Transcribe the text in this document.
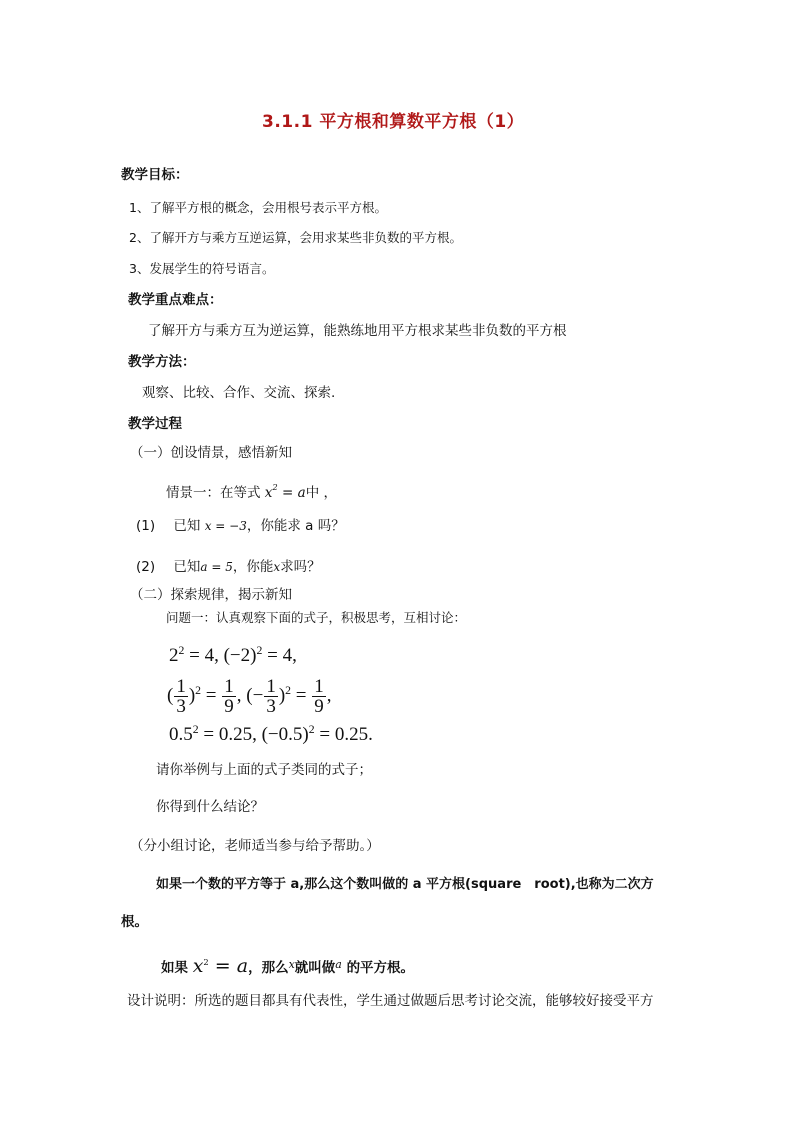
3.1.1 平方根和算数平方根（1）
教学目标：
1、了解平方根的概念，会用根号表示平方根。
2、了解开方与乘方互逆运算，会用求某些非负数的平方根。
3、发展学生的符号语言。
教学重点难点：
了解开方与乘方互为逆运算，能熟练地用平方根求某些非负数的平方根
教学方法：
观察、比较、合作、交流、探索.
教学过程
（一）创设情景，感悟新知
情景一：在等式 $x^2 = a$中 ，
(1) 已知 x = −3，你能求 a 吗？
(2) 已知a = 5，你能x求吗？
（二）探索规律，揭示新知
问题一：认真观察下面的式子，积极思考，互相讨论：
$2^2 = 4$, $(-2)^2 = 4$,
( $\frac{1}{3} )^2 = \frac{1}{9}$ , (− $\frac{1}{3} )^2 = \frac{1}{9}$ ,
$0.5^2 = 0.25$, $(-0.5)^2 = 0.25$.
请你举例与上面的式子类同的式子；
你得到什么结论？
（分小组讨论，老师适当参与给予帮助。）
如果一个数的平方等于 a,那么这个数叫做的 a 平方根(square　root),也称为二次方
根。
如果 $x^2 = a$，那么$^x$就叫做$^a$ 的平方根。
设计说明：所选的题目都具有代表性，学生通过做题后思考讨论交流，能够较好接受平方
